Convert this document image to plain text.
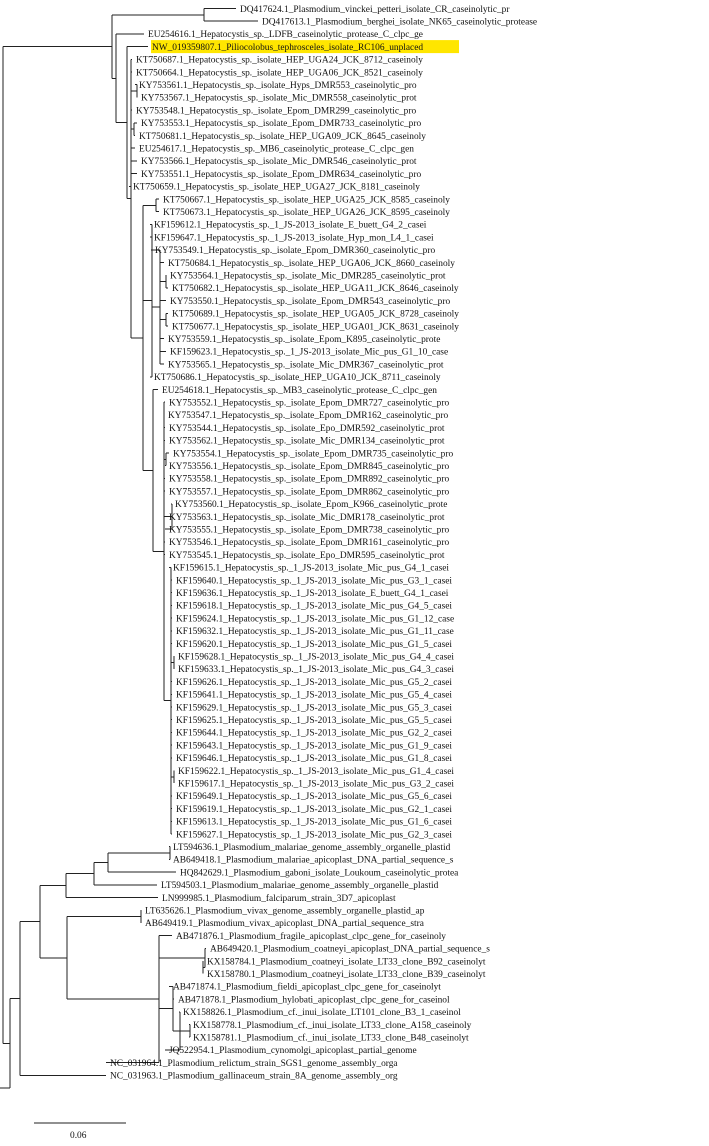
DQ417624.1_Plasmodium_vinckei_petteri_isolate_CR_caseinolytic_pr
DQ417613.1_Plasmodium_berghei_isolate_NK65_caseinolytic_protease
EU254616.1_Hepatocystis_sp._LDFB_caseinolytic_protease_C_clpc_ge
NW_019359807.1_Piliocolobus_tephrosceles_isolate_RC106_unplaced
KT750687.1_Hepatocystis_sp._isolate_HEP_UGA24_JCK_8712_caseinoly
KT750664.1_Hepatocystis_sp._isolate_HEP_UGA06_JCK_8521_caseinoly
KY753561.1_Hepatocystis_sp._isolate_Hyps_DMR553_caseinolytic_pro
KY753567.1_Hepatocystis_sp._isolate_Mic_DMR558_caseinolytic_prot
KY753548.1_Hepatocystis_sp._isolate_Epom_DMR299_caseinolytic_pro
KY753553.1_Hepatocystis_sp._isolate_Epom_DMR733_caseinolytic_pro
KT750681.1_Hepatocystis_sp._isolate_HEP_UGA09_JCK_8645_caseinoly
EU254617.1_Hepatocystis_sp._MB6_caseinolytic_protease_C_clpc_gen
KY753566.1_Hepatocystis_sp._isolate_Mic_DMR546_caseinolytic_prot
KY753551.1_Hepatocystis_sp._isolate_Epom_DMR634_caseinolytic_pro
KT750659.1_Hepatocystis_sp._isolate_HEP_UGA27_JCK_8181_caseinoly
KT750667.1_Hepatocystis_sp._isolate_HEP_UGA25_JCK_8585_caseinoly
KT750673.1_Hepatocystis_sp._isolate_HEP_UGA26_JCK_8595_caseinoly
KF159612.1_Hepatocystis_sp._1_JS-2013_isolate_E_buett_G4_2_casei
KF159647.1_Hepatocystis_sp._1_JS-2013_isolate_Hyp_mon_L4_1_casei
KY753549.1_Hepatocystis_sp._isolate_Epom_DMR360_caseinolytic_pro
KT750684.1_Hepatocystis_sp._isolate_HEP_UGA06_JCK_8660_caseinoly
KY753564.1_Hepatocystis_sp._isolate_Mic_DMR285_caseinolytic_prot
KT750682.1_Hepatocystis_sp._isolate_HEP_UGA11_JCK_8646_caseinoly
KY753550.1_Hepatocystis_sp._isolate_Epom_DMR543_caseinolytic_pro
KT750689.1_Hepatocystis_sp._isolate_HEP_UGA05_JCK_8728_caseinoly
KT750677.1_Hepatocystis_sp._isolate_HEP_UGA01_JCK_8631_caseinoly
KY753559.1_Hepatocystis_sp._isolate_Epom_K895_caseinolytic_prote
KF159623.1_Hepatocystis_sp._1_JS-2013_isolate_Mic_pus_G1_10_case
KY753565.1_Hepatocystis_sp._isolate_Mic_DMR367_caseinolytic_prot
KT750686.1_Hepatocystis_sp._isolate_HEP_UGA10_JCK_8711_caseinoly
EU254618.1_Hepatocystis_sp._MB3_caseinolytic_protease_C_clpc_gen
KY753552.1_Hepatocystis_sp._isolate_Epom_DMR727_caseinolytic_pro
KY753547.1_Hepatocystis_sp._isolate_Epom_DMR162_caseinolytic_pro
KY753544.1_Hepatocystis_sp._isolate_Epo_DMR592_caseinolytic_prot
KY753562.1_Hepatocystis_sp._isolate_Mic_DMR134_caseinolytic_prot
KY753554.1_Hepatocystis_sp._isolate_Epom_DMR735_caseinolytic_pro
KY753556.1_Hepatocystis_sp._isolate_Epom_DMR845_caseinolytic_pro
KY753558.1_Hepatocystis_sp._isolate_Epom_DMR892_caseinolytic_pro
KY753557.1_Hepatocystis_sp._isolate_Epom_DMR862_caseinolytic_pro
KY753560.1_Hepatocystis_sp._isolate_Epom_K966_caseinolytic_prote
KY753563.1_Hepatocystis_sp._isolate_Mic_DMR178_caseinolytic_prot
KY753555.1_Hepatocystis_sp._isolate_Epom_DMR738_caseinolytic_pro
KY753546.1_Hepatocystis_sp._isolate_Epom_DMR161_caseinolytic_pro
KY753545.1_Hepatocystis_sp._isolate_Epo_DMR595_caseinolytic_prot
KF159615.1_Hepatocystis_sp._1_JS-2013_isolate_Mic_pus_G4_1_casei
KF159640.1_Hepatocystis_sp._1_JS-2013_isolate_Mic_pus_G3_1_casei
KF159636.1_Hepatocystis_sp._1_JS-2013_isolate_E_buett_G4_1_casei
KF159618.1_Hepatocystis_sp._1_JS-2013_isolate_Mic_pus_G4_5_casei
KF159624.1_Hepatocystis_sp._1_JS-2013_isolate_Mic_pus_G1_12_case
KF159632.1_Hepatocystis_sp._1_JS-2013_isolate_Mic_pus_G1_11_case
KF159620.1_Hepatocystis_sp._1_JS-2013_isolate_Mic_pus_G1_5_casei
KF159628.1_Hepatocystis_sp._1_JS-2013_isolate_Mic_pus_G4_4_casei
KF159633.1_Hepatocystis_sp._1_JS-2013_isolate_Mic_pus_G4_3_casei
KF159626.1_Hepatocystis_sp._1_JS-2013_isolate_Mic_pus_G5_2_casei
KF159641.1_Hepatocystis_sp._1_JS-2013_isolate_Mic_pus_G5_4_casei
KF159629.1_Hepatocystis_sp._1_JS-2013_isolate_Mic_pus_G5_3_casei
KF159625.1_Hepatocystis_sp._1_JS-2013_isolate_Mic_pus_G5_5_casei
KF159644.1_Hepatocystis_sp._1_JS-2013_isolate_Mic_pus_G2_2_casei
KF159643.1_Hepatocystis_sp._1_JS-2013_isolate_Mic_pus_G1_9_casei
KF159646.1_Hepatocystis_sp._1_JS-2013_isolate_Mic_pus_G1_8_casei
KF159622.1_Hepatocystis_sp._1_JS-2013_isolate_Mic_pus_G1_4_casei
KF159617.1_Hepatocystis_sp._1_JS-2013_isolate_Mic_pus_G3_2_casei
KF159649.1_Hepatocystis_sp._1_JS-2013_isolate_Mic_pus_G5_6_casei
KF159619.1_Hepatocystis_sp._1_JS-2013_isolate_Mic_pus_G2_1_casei
KF159613.1_Hepatocystis_sp._1_JS-2013_isolate_Mic_pus_G1_6_casei
KF159627.1_Hepatocystis_sp._1_JS-2013_isolate_Mic_pus_G2_3_casei
LT594636.1_Plasmodium_malariae_genome_assembly_organelle_plastid
AB649418.1_Plasmodium_malariae_apicoplast_DNA_partial_sequence_s
HQ842629.1_Plasmodium_gaboni_isolate_Loukoum_caseinolytic_protea
LT594503.1_Plasmodium_malariae_genome_assembly_organelle_plastid
LN999985.1_Plasmodium_falciparum_strain_3D7_apicoplast
LT635626.1_Plasmodium_vivax_genome_assembly_organelle_plastid_ap
AB649419.1_Plasmodium_vivax_apicoplast_DNA_partial_sequence_stra
AB471876.1_Plasmodium_fragile_apicoplast_clpc_gene_for_caseinoly
AB649420.1_Plasmodium_coatneyi_apicoplast_DNA_partial_sequence_s
KX158784.1_Plasmodium_coatneyi_isolate_LT33_clone_B92_caseinolyt
KX158780.1_Plasmodium_coatneyi_isolate_LT33_clone_B39_caseinolyt
AB471874.1_Plasmodium_fieldi_apicoplast_clpc_gene_for_caseinolyt
AB471878.1_Plasmodium_hylobati_apicoplast_clpc_gene_for_caseinol
KX158826.1_Plasmodium_cf._inui_isolate_LT101_clone_B3_1_caseinol
KX158778.1_Plasmodium_cf._inui_isolate_LT33_clone_A158_caseinoly
KX158781.1_Plasmodium_cf._inui_isolate_LT33_clone_B48_caseinolyt
JQ522954.1_Plasmodium_cynomolgi_apicoplast_partial_genome
NC_031964.1_Plasmodium_relictum_strain_SGS1_genome_assembly_orga
NC_031963.1_Plasmodium_gallinaceum_strain_8A_genome_assembly_org
0.06
